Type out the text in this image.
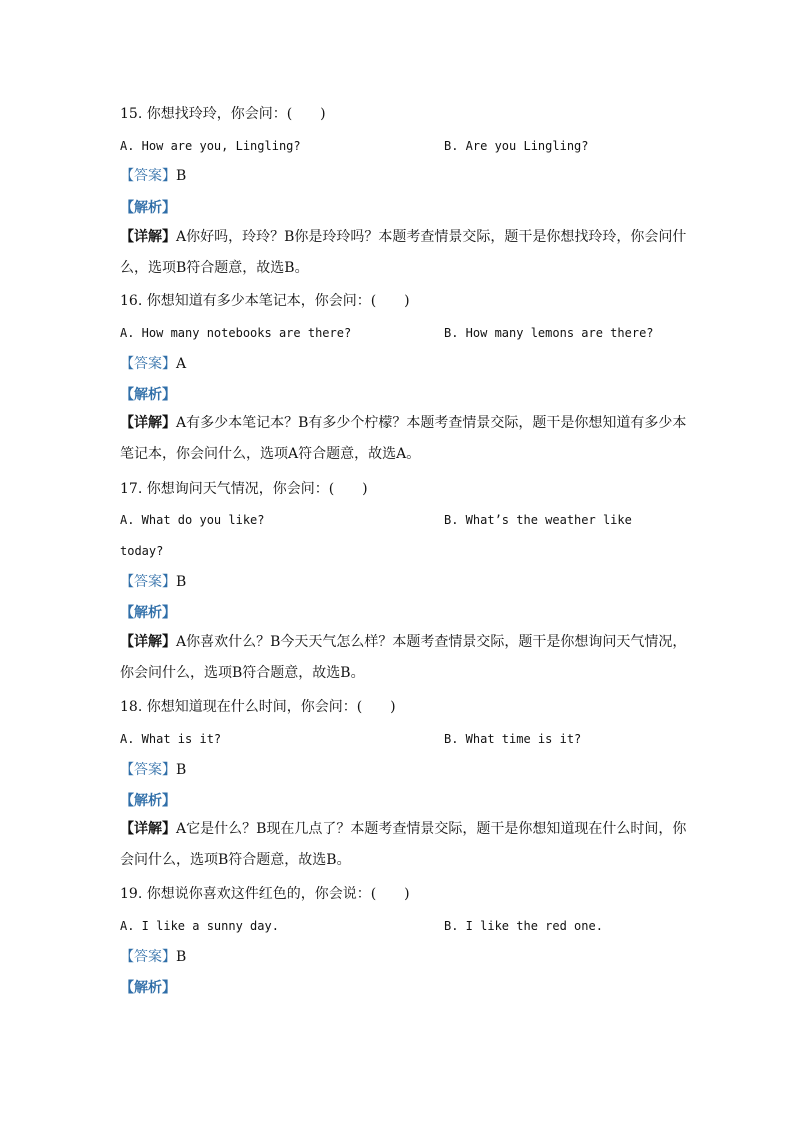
15. 你想找玲玲，你会问：(　　)
A. How are you, Lingling?	B. Are you Lingling?
【答案】B
【解析】
【详解】A你好吗，玲玲？B你是玲玲吗？本题考查情景交际，题干是你想找玲玲，你会问什么，选项B符合题意，故选B。
16. 你想知道有多少本笔记本，你会问：(　　)
A. How many notebooks are there?	B. How many lemons are there?
【答案】A
【解析】
【详解】A有多少本笔记本？B有多少个柠檬？本题考查情景交际，题干是你想知道有多少本笔记本，你会问什么，选项A符合题意，故选A。
17. 你想询问天气情况，你会问：(　　)
A. What do you like?	B. What’s the weather like
today?
【答案】B
【解析】
【详解】A你喜欢什么？B今天天气怎么样？本题考查情景交际，题干是你想询问天气情况，你会问什么，选项B符合题意，故选B。
18. 你想知道现在什么时间，你会问：(　　)
A. What is it?	B. What time is it?
【答案】B
【解析】
【详解】A它是什么？B现在几点了？本题考查情景交际，题干是你想知道现在什么时间，你会问什么，选项B符合题意，故选B。
19. 你想说你喜欢这件红色的，你会说：(　　)
A. I like a sunny day.	B. I like the red one.
【答案】B
【解析】
